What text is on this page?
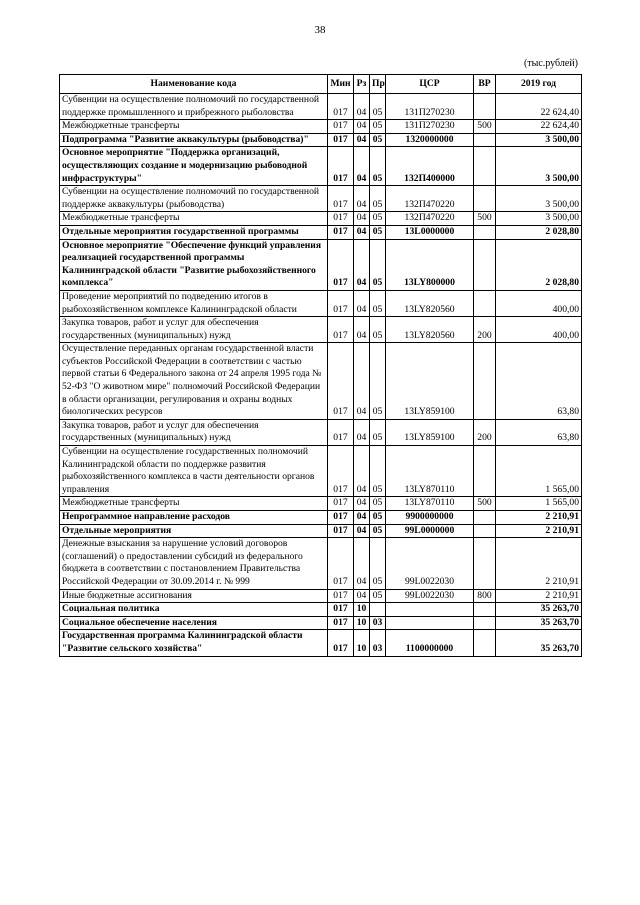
38
(тыс.рублей)
Наименование кода	Мин	Рз	Пр	ЦСР	ВР	2019 год
Субвенции на осуществление полномочий по государственной поддержке промышленного и прибрежного рыболовства	017	04	05	131П270230		22 624,40
Межбюджетные трансферты	017	04	05	131П270230	500	22 624,40
Подпрограмма "Развитие аквакультуры (рыбоводства)"	017	04	05	1320000000		3 500,00
Основное мероприятие "Поддержка организаций, осуществляющих создание и модернизацию рыбоводной инфраструктуры"	017	04	05	132П400000		3 500,00
Субвенции на осуществление полномочий по государственной поддержке аквакультуры (рыбоводства)	017	04	05	132П470220		3 500,00
Межбюджетные трансферты	017	04	05	132П470220	500	3 500,00
Отдельные мероприятия государственной программы	017	04	05	13L0000000		2 028,80
Основное мероприятие "Обеспечение функций управления реализацией государственной программы Калининградской области "Развитие рыбохозяйственного комплекса"	017	04	05	13LY800000		2 028,80
Проведение мероприятий по подведению итогов в рыбохозяйственном комплексе Калининградской области	017	04	05	13LY820560		400,00
Закупка товаров, работ и услуг для обеспечения государственных (муниципальных) нужд	017	04	05	13LY820560	200	400,00
Осуществление переданных органам государственной власти субъектов Российской Федерации в соответствии с частью первой статьи 6 Федерального закона от 24 апреля 1995 года № 52-ФЗ "О животном мире" полномочий Российской Федерации в области организации, регулирования и охраны водных биологических ресурсов	017	04	05	13LY859100		63,80
Закупка товаров, работ и услуг для обеспечения государственных (муниципальных) нужд	017	04	05	13LY859100	200	63,80
Субвенции на осуществление государственных полномочий Калининградской области по поддержке развития рыбохозяйственного комплекса в части деятельности органов управления	017	04	05	13LY870110		1 565,00
Межбюджетные трансферты	017	04	05	13LY870110	500	1 565,00
Непрограммное направление расходов	017	04	05	9900000000		2 210,91
Отдельные мероприятия	017	04	05	99L0000000		2 210,91
Денежные взыскания за нарушение условий договоров (соглашений) о предоставлении субсидий из федерального бюджета в соответствии с постановлением Правительства Российской Федерации от 30.09.2014 г. № 999	017	04	05	99L0022030		2 210,91
Иные бюджетные ассигнования	017	04	05	99L0022030	800	2 210,91
Социальная политика	017	10				35 263,70
Социальное обеспечение населения	017	10	03			35 263,70
Государственная программа Калининградской области "Развитие сельского хозяйства"	017	10	03	1100000000		35 263,70
